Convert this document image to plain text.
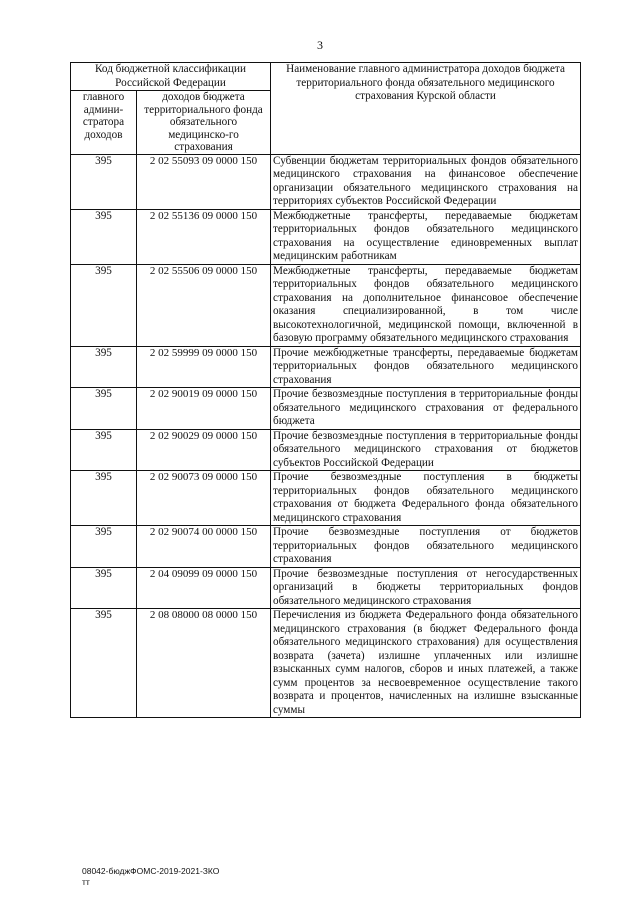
3
Код бюджетной классификации Российской Федерации		Наименование главного администратора доходов бюджета территориального фонда обязательного медицинского страхования Курской области
главного админи-стратора доходов	доходов бюджета территориального фонда обязательного медицинско-го страхования	
395	2 02 55093 09 0000 150	Субвенции бюджетам территориальных фондов обязательного медицинского страхования на финансовое обеспечение организации обязательного медицинского страхования на территориях субъектов Российской Федерации
395	2 02 55136 09 0000 150	Межбюджетные трансферты, передаваемые бюджетам территориальных фондов обязательного медицинского страхования на осуществление единовременных выплат медицинским работникам
395	2 02 55506 09 0000 150	Межбюджетные трансферты, передаваемые бюджетам территориальных фондов обязательного медицинского страхования на дополнительное финансовое обеспечение оказания специализированной, в том числе высокотехнологичной, медицинской помощи, включенной в базовую программу обязательного медицинского страхования
395	2 02 59999 09 0000 150	Прочие межбюджетные трансферты, передаваемые бюджетам территориальных фондов обязательного медицинского страхования
395	2 02 90019 09 0000 150	Прочие безвозмездные поступления в территориальные фонды обязательного медицинского страхования от федерального бюджета
395	2 02 90029 09 0000 150	Прочие безвозмездные поступления в территориальные фонды обязательного медицинского страхования от бюджетов субъектов Российской Федерации
395	2 02 90073 09 0000 150	Прочие безвозмездные поступления в бюджеты территориальных фондов обязательного медицинского страхования от бюджета Федерального фонда обязательного медицинского страхования
395	2 02 90074 00 0000 150	Прочие безвозмездные поступления от бюджетов территориальных фондов обязательного медицинского страхования
395	2 04 09099 09 0000 150	Прочие безвозмездные поступления от негосударственных организаций в бюджеты территориальных фондов обязательного медицинского страхования
395	2 08 08000 08 0000 150	Перечисления из бюджета Федерального фонда обязательного медицинского страхования (в бюджет Федерального фонда обязательного медицинского страхования) для осуществления возврата (зачета) излишне уплаченных или излишне взысканных сумм налогов, сборов и иных платежей, а также сумм процентов за несвоевременное осуществление такого возврата и процентов, начисленных на излишне взысканные суммы
08042-бюджФОМС-2019-2021-ЗКО
тт
